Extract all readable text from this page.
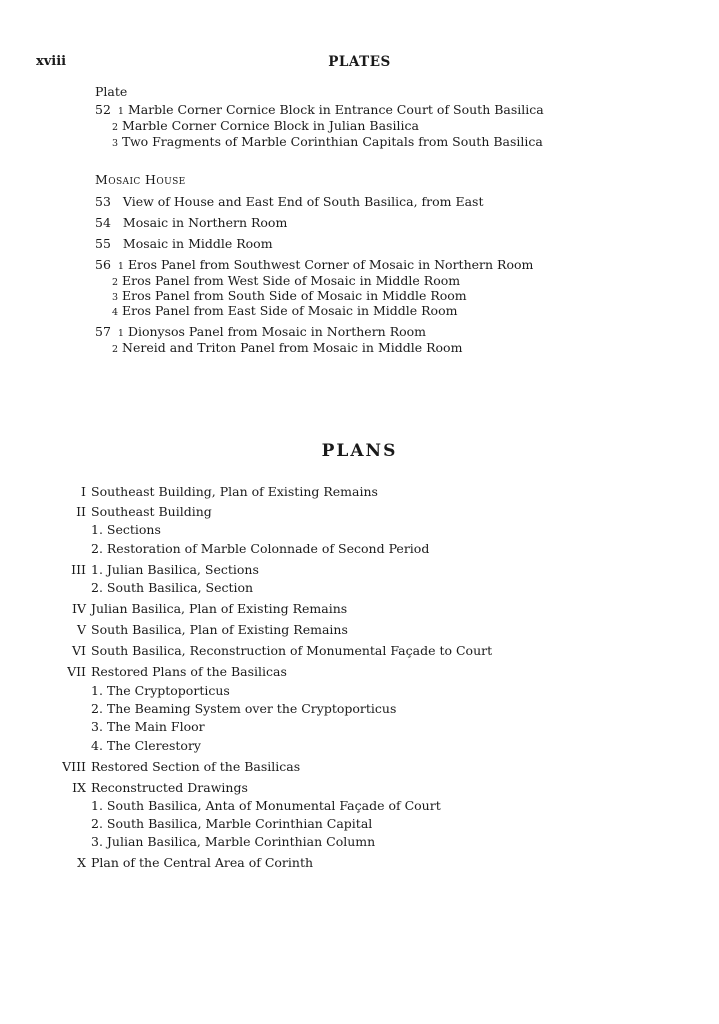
xviii	PLATES
Plate
52 1 Marble Corner Cornice Block in Entrance Court of South Basilica
2 Marble Corner Cornice Block in Julian Basilica
3 Two Fragments of Marble Corinthian Capitals from South Basilica
Mosaic House
53 View of House and East End of South Basilica, from East
54 Mosaic in Northern Room
55 Mosaic in Middle Room
56 1 Eros Panel from Southwest Corner of Mosaic in Northern Room
2 Eros Panel from West Side of Mosaic in Middle Room
3 Eros Panel from South Side of Mosaic in Middle Room
4 Eros Panel from East Side of Mosaic in Middle Room
57 1 Dionysos Panel from Mosaic in Northern Room
2 Nereid and Triton Panel from Mosaic in Middle Room
PLANS
I Southeast Building, Plan of Existing Remains
II Southeast Building
1. Sections
2. Restoration of Marble Colonnade of Second Period
III 1. Julian Basilica, Sections
2. South Basilica, Section
IV Julian Basilica, Plan of Existing Remains
V South Basilica, Plan of Existing Remains
VI South Basilica, Reconstruction of Monumental Façade to Court
VII Restored Plans of the Basilicas
1. The Cryptoporticus
2. The Beaming System over the Cryptoporticus
3. The Main Floor
4. The Clerestory
VIII Restored Section of the Basilicas
IX Reconstructed Drawings
1. South Basilica, Anta of Monumental Façade of Court
2. South Basilica, Marble Corinthian Capital
3. Julian Basilica, Marble Corinthian Column
X Plan of the Central Area of Corinth
